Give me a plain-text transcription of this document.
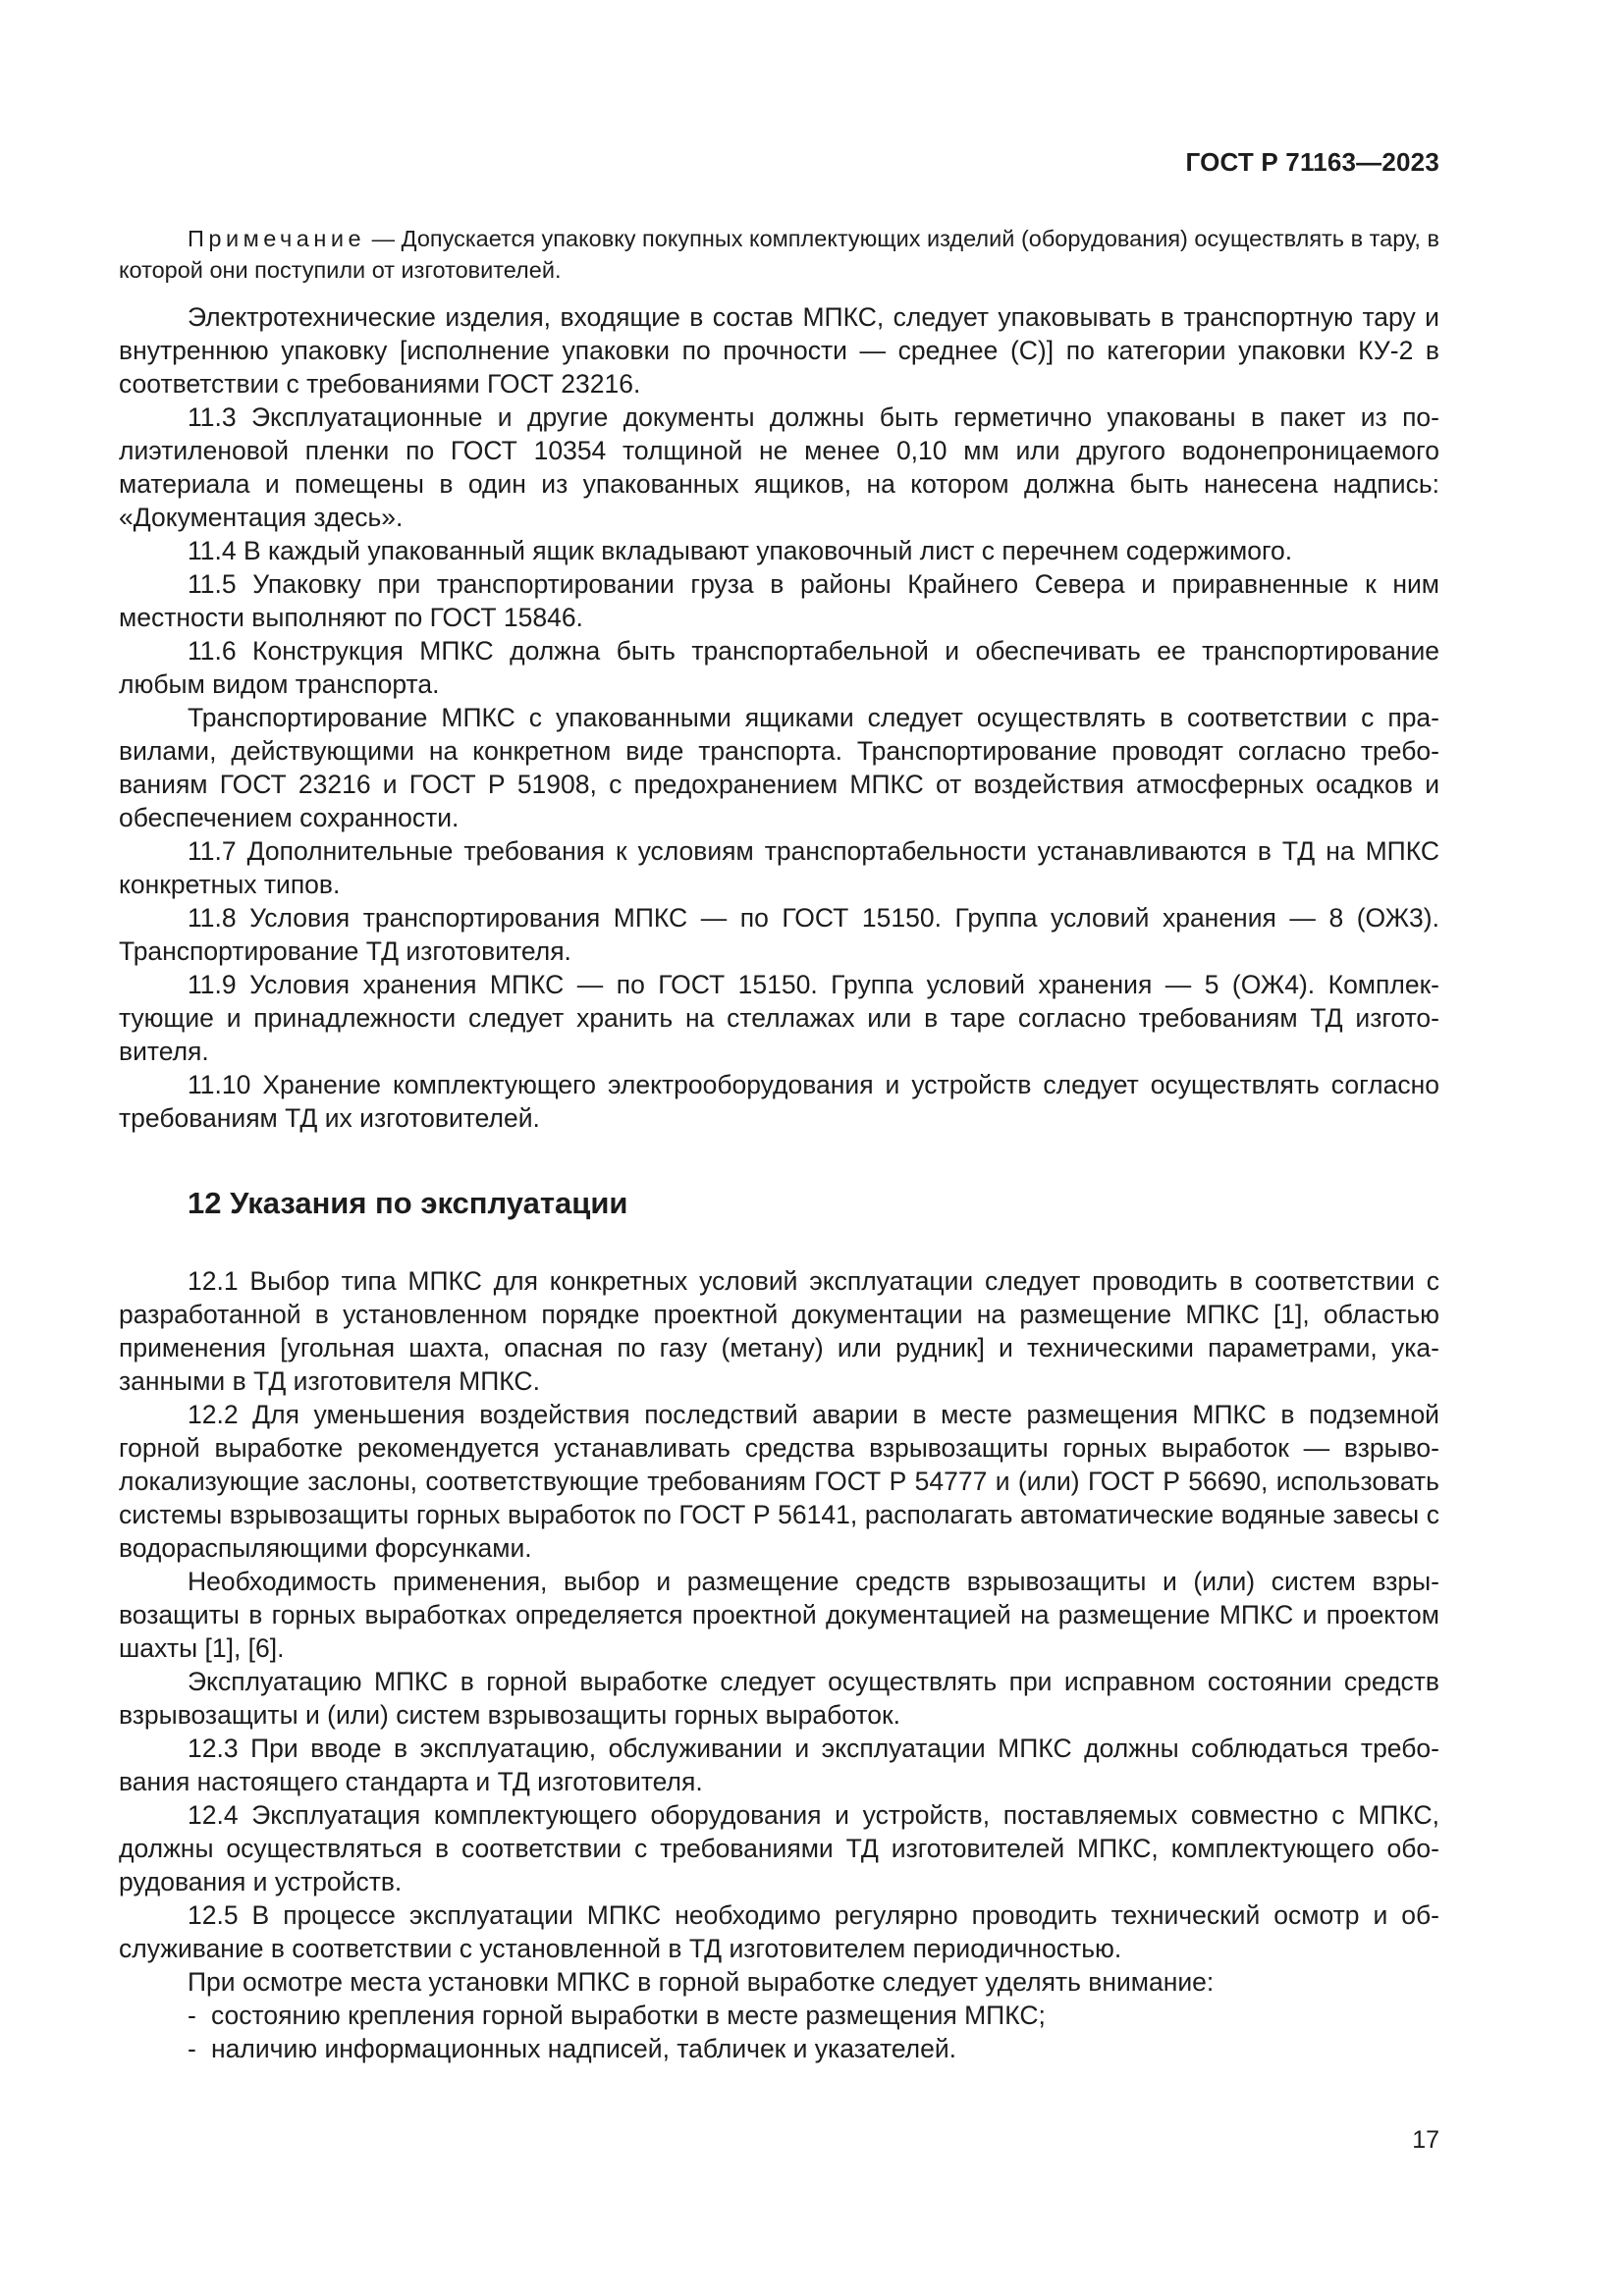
ГОСТ Р 71163—2023

Примечание — Допускается упаковку покупных комплектующих изделий (оборудования) осуществлять в тару, в которой они поступили от изготовителей.

Электротехнические изделия, входящие в состав МПКС, следует упаковывать в транспортную тару и внутреннюю упаковку [исполнение упаковки по прочности — среднее (С)] по категории упаковки КУ-2 в соответствии с требованиями ГОСТ 23216.

11.3 Эксплуатационные и другие документы должны быть герметично упакованы в пакет из полиэтиленовой пленки по ГОСТ 10354 толщиной не менее 0,10 мм или другого водонепроницаемого материала и помещены в один из упакованных ящиков, на котором должна быть нанесена надпись: «Документация здесь».

11.4 В каждый упакованный ящик вкладывают упаковочный лист с перечнем содержимого.

11.5 Упаковку при транспортировании груза в районы Крайнего Севера и приравненные к ним местности выполняют по ГОСТ 15846.

11.6 Конструкция МПКС должна быть транспортабельной и обеспечивать ее транспортирование любым видом транспорта.

Транспортирование МПКС с упакованными ящиками следует осуществлять в соответствии с правилами, действующими на конкретном виде транспорта. Транспортирование проводят согласно требованиям ГОСТ 23216 и ГОСТ Р 51908, с предохранением МПКС от воздействия атмосферных осадков и обеспечением сохранности.

11.7 Дополнительные требования к условиям транспортабельности устанавливаются в ТД на МПКС конкретных типов.

11.8 Условия транспортирования МПКС — по ГОСТ 15150. Группа условий хранения — 8 (ОЖ3). Транспортирование ТД изготовителя.

11.9 Условия хранения МПКС — по ГОСТ 15150. Группа условий хранения — 5 (ОЖ4). Комплектующие и принадлежности следует хранить на стеллажах или в таре согласно требованиям ТД изготовителя.

11.10 Хранение комплектующего электрооборудования и устройств следует осуществлять согласно требованиям ТД их изготовителей.

12 Указания по эксплуатации

12.1 Выбор типа МПКС для конкретных условий эксплуатации следует проводить в соответствии с разработанной в установленном порядке проектной документации на размещение МПКС [1], областью применения [угольная шахта, опасная по газу (метану) или рудник] и техническими параметрами, указанными в ТД изготовителя МПКС.

12.2 Для уменьшения воздействия последствий аварии в месте размещения МПКС в подземной горной выработке рекомендуется устанавливать средства взрывозащиты горных выработок — взрыволокализующие заслоны, соответствующие требованиям ГОСТ Р 54777 и (или) ГОСТ Р 56690, использовать системы взрывозащиты горных выработок по ГОСТ Р 56141, располагать автоматические водяные завесы с водораспыляющими форсунками.

Необходимость применения, выбор и размещение средств взрывозащиты и (или) систем взрывозащиты в горных выработках определяется проектной документацией на размещение МПКС и проектом шахты [1], [6].

Эксплуатацию МПКС в горной выработке следует осуществлять при исправном состоянии средств взрывозащиты и (или) систем взрывозащиты горных выработок.

12.3 При вводе в эксплуатацию, обслуживании и эксплуатации МПКС должны соблюдаться требования настоящего стандарта и ТД изготовителя.

12.4 Эксплуатация комплектующего оборудования и устройств, поставляемых совместно с МПКС, должны осуществляться в соответствии с требованиями ТД изготовителей МПКС, комплектующего оборудования и устройств.

12.5 В процессе эксплуатации МПКС необходимо регулярно проводить технический осмотр и обслуживание в соответствии с установленной в ТД изготовителем периодичностью.

При осмотре места установки МПКС в горной выработке следует уделять внимание:

- состоянию крепления горной выработки в месте размещения МПКС;
- наличию информационных надписей, табличек и указателей.
17
